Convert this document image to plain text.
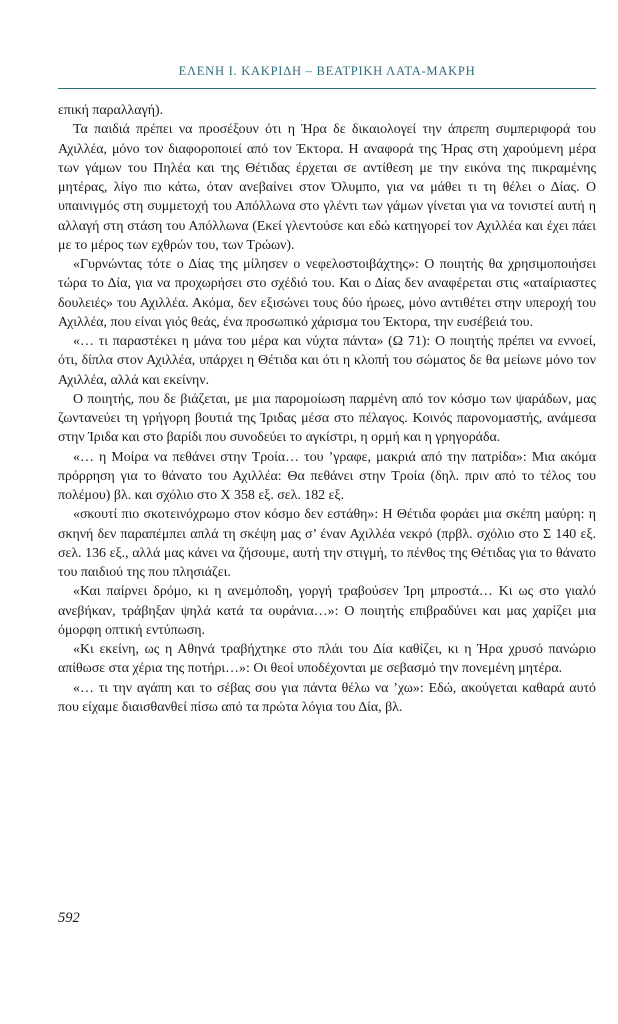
ΕΛΕΝΗ Ι. ΚΑΚΡΙΔΗ – ΒΕΑΤΡΙΚΗ ΛΑΤΑ-ΜΑΚΡΗ

επική παραλλαγή).

Τα παιδιά πρέπει να προσέξουν ότι η Ήρα δε δικαιολογεί την άπρεπη συμπεριφορά του Αχιλλέα, μόνο τον διαφοροποιεί από τον Έκτορα. Η αναφορά της Ήρας στη χαρούμενη μέρα των γάμων του Πηλέα και της Θέτιδας έρχεται σε αντίθεση με την εικόνα της πικραμένης μητέρας, λίγο πιο κάτω, όταν ανεβαίνει στον Όλυμπο, για να μάθει τι τη θέλει ο Δίας. Ο υπαινιγμός στη συμμετοχή του Απόλλωνα στο γλέντι των γάμων γίνεται για να τονιστεί αυτή η αλλαγή στη στάση του Απόλλωνα (Εκεί γλεντούσε και εδώ κατηγορεί τον Αχιλλέα και έχει πάει με το μέρος των εχθρών του, των Τρώων).

«Γυρνώντας τότε ο Δίας της μίλησεν ο νεφελοστοιβάχτης»: Ο ποιητής θα χρησιμοποιήσει τώρα το Δία, για να προχωρήσει στο σχέδιό του. Και ο Δίας δεν αναφέρεται στις «αταίριαστες δουλειές» του Αχιλλέα. Ακόμα, δεν εξισώνει τους δύο ήρωες, μόνο αντιθέτει στην υπεροχή του Αχιλλέα, που είναι γιός θεάς, ένα προσωπικό χάρισμα του Έκτορα, την ευσέβειά του.

«… τι παραστέκει η μάνα του μέρα και νύχτα πάντα» (Ω 71): Ο ποιητής πρέπει να εννοεί, ότι, δίπλα στον Αχιλλέα, υπάρχει η Θέτιδα και ότι η κλοπή του σώματος δε θα μείωνε μόνο τον Αχιλλέα, αλλά και εκείνην.

Ο ποιητής, που δε βιάζεται, με μια παρομοίωση παρμένη από τον κόσμο των ψαράδων, μας ζωντανεύει τη γρήγορη βουτιά της Ίριδας μέσα στο πέλαγος. Κοινός παρονομαστής, ανάμεσα στην Ίριδα και στο βαρίδι που συνοδεύει το αγκίστρι, η ορμή και η γρηγοράδα.

«… η Μοίρα να πεθάνει στην Τροία… του ’γραφε, μακριά από την πατρίδα»: Μια ακόμα πρόρρηση για το θάνατο του Αχιλλέα: Θα πεθάνει στην Τροία (δηλ. πριν από το τέλος του πολέμου) βλ. και σχόλιο στο Χ 358 εξ. σελ. 182 εξ.

«σκουτί πιο σκοτεινόχρωμο στον κόσμο δεν εστάθη»: Η Θέτιδα φοράει μια σκέπη μαύρη: η σκηνή δεν παραπέμπει απλά τη σκέψη μας σ’ έναν Αχιλλέα νεκρό (πρβλ. σχόλιο στο Σ 140 εξ. σελ. 136 εξ., αλλά μας κάνει να ζήσουμε, αυτή την στιγμή, το πένθος της Θέτιδας για το θάνατο του παιδιού της που πλησιάζει.

«Και παίρνει δρόμο, κι η ανεμόποδη, γοργή τραβούσεν Ίρη μπροστά… Κι ως στο γιαλό ανεβήκαν, τράβηξαν ψηλά κατά τα ουράνια…»: Ο ποιητής επιβραδύνει και μας χαρίζει μια όμορφη οπτική εντύπωση.

«Κι εκείνη, ως η Αθηνά τραβήχτηκε στο πλάι του Δία καθίζει, κι η Ήρα χρυσό πανώριο απίθωσε στα χέρια της ποτήρι…»: Οι θεοί υποδέχονται με σεβασμό την πονεμένη μητέρα.

«… τι την αγάπη και το σέβας σου για πάντα θέλω να ’χω»: Εδώ, ακούγεται καθαρά αυτό που είχαμε διαισθανθεί πίσω από τα πρώτα λόγια του Δία, βλ.

592
